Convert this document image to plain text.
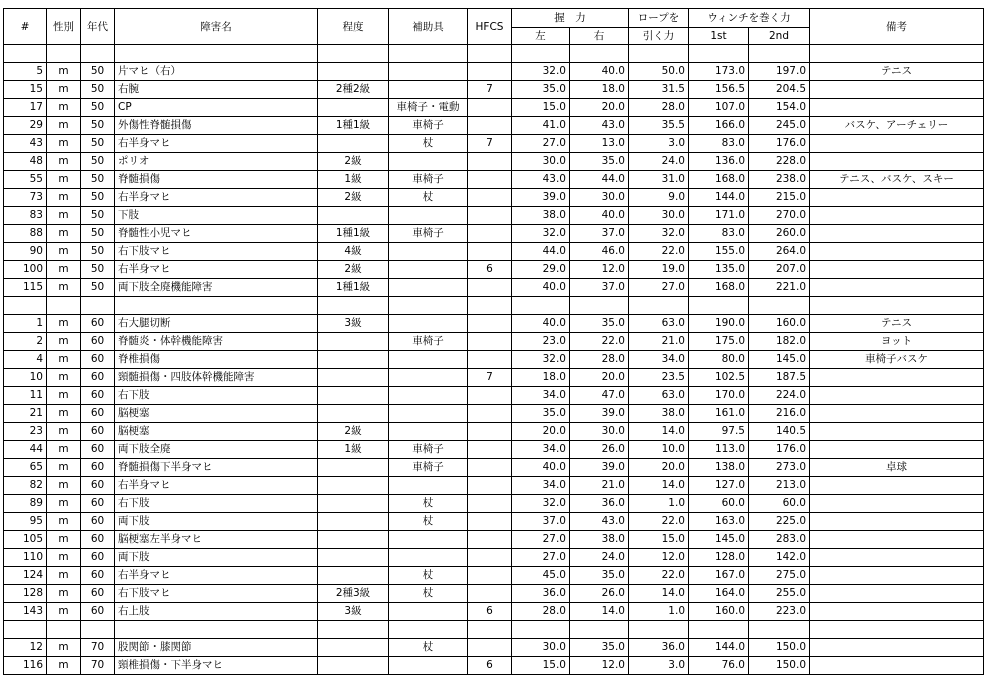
#	性別	年代	障害名	程度	補助具	HFCS	握　力		ロープを	ウィンチを巻く力		備考
							左	右	引く力	1st	2nd	

5	m	50	片マヒ（右）				32.0	40.0	50.0	173.0	197.0	テニス
15	m	50	右腕	2種2級		7	35.0	18.0	31.5	156.5	204.5	
17	m	50	CP		車椅子・電動		15.0	20.0	28.0	107.0	154.0	
29	m	50	外傷性脊髄損傷	1種1級	車椅子		41.0	43.0	35.5	166.0	245.0	バスケ、アーチェリー
43	m	50	右半身マヒ		杖	7	27.0	13.0	3.0	83.0	176.0	
48	m	50	ポリオ	2級			30.0	35.0	24.0	136.0	228.0	
55	m	50	脊髄損傷	1級	車椅子		43.0	44.0	31.0	168.0	238.0	テニス、バスケ、スキー
73	m	50	右半身マヒ	2級	杖		39.0	30.0	9.0	144.0	215.0	
83	m	50	下肢				38.0	40.0	30.0	171.0	270.0	
88	m	50	脊髄性小児マヒ	1種1級	車椅子		32.0	37.0	32.0	83.0	260.0	
90	m	50	右下肢マヒ	4級			44.0	46.0	22.0	155.0	264.0	
100	m	50	右半身マヒ	2級		6	29.0	12.0	19.0	135.0	207.0	
115	m	50	両下肢全廃機能障害	1種1級			40.0	37.0	27.0	168.0	221.0	

1	m	60	右大腿切断	3級			40.0	35.0	63.0	190.0	160.0	テニス
2	m	60	脊髄炎・体幹機能障害		車椅子		23.0	22.0	21.0	175.0	182.0	ヨット
4	m	60	脊椎損傷				32.0	28.0	34.0	80.0	145.0	車椅子バスケ
10	m	60	頸髄損傷・四肢体幹機能障害			7	18.0	20.0	23.5	102.5	187.5	
11	m	60	右下肢				34.0	47.0	63.0	170.0	224.0	
21	m	60	脳梗塞				35.0	39.0	38.0	161.0	216.0	
23	m	60	脳梗塞	2級			20.0	30.0	14.0	97.5	140.5	
44	m	60	両下肢全廃	1級	車椅子		34.0	26.0	10.0	113.0	176.0	
65	m	60	脊髄損傷下半身マヒ		車椅子		40.0	39.0	20.0	138.0	273.0	卓球
82	m	60	右半身マヒ				34.0	21.0	14.0	127.0	213.0	
89	m	60	右下肢		杖		32.0	36.0	1.0	60.0	60.0	
95	m	60	両下肢		杖		37.0	43.0	22.0	163.0	225.0	
105	m	60	脳梗塞左半身マヒ				27.0	38.0	15.0	145.0	283.0	
110	m	60	両下肢				27.0	24.0	12.0	128.0	142.0	
124	m	60	右半身マヒ		杖		45.0	35.0	22.0	167.0	275.0	
128	m	60	右下肢マヒ	2種3級	杖		36.0	26.0	14.0	164.0	255.0	
143	m	60	右上肢	3級		6	28.0	14.0	1.0	160.0	223.0	

12	m	70	股関節・膝関節		杖		30.0	35.0	36.0	144.0	150.0	
116	m	70	頸椎損傷・下半身マヒ			6	15.0	12.0	3.0	76.0	150.0	
